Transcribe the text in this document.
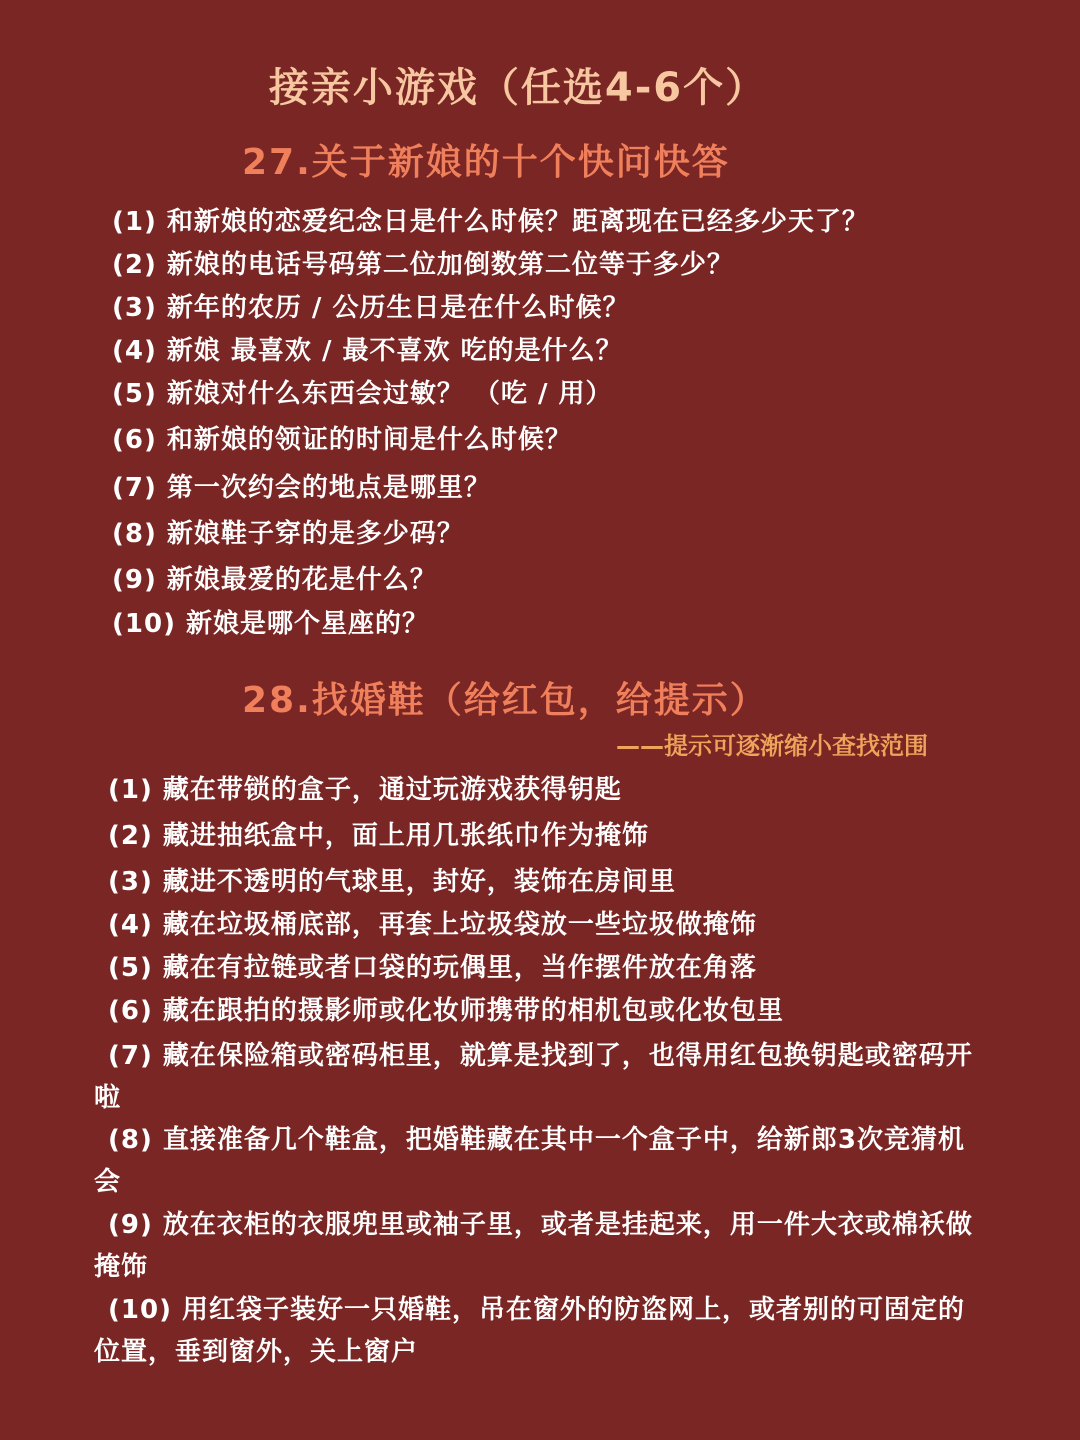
接亲小游戏（任选4-6个）
27.关于新娘的十个快问快答
(1) 和新娘的恋爱纪念日是什么时候？距离现在已经多少天了？
(2) 新娘的电话号码第二位加倒数第二位等于多少？
(3) 新年的农历 / 公历生日是在什么时候？
(4) 新娘 最喜欢 / 最不喜欢 吃的是什么？
(5) 新娘对什么东西会过敏？ （吃 / 用）
(6) 和新娘的领证的时间是什么时候？
(7) 第一次约会的地点是哪里？
(8) 新娘鞋子穿的是多少码？
(9) 新娘最爱的花是什么？
(10) 新娘是哪个星座的？
28.找婚鞋（给红包，给提示）
——提示可逐渐缩小查找范围
(1) 藏在带锁的盒子，通过玩游戏获得钥匙
(2) 藏进抽纸盒中，面上用几张纸巾作为掩饰
(3) 藏进不透明的气球里，封好，装饰在房间里
(4) 藏在垃圾桶底部，再套上垃圾袋放一些垃圾做掩饰
(5) 藏在有拉链或者口袋的玩偶里，当作摆件放在角落
(6) 藏在跟拍的摄影师或化妆师携带的相机包或化妆包里
(7) 藏在保险箱或密码柜里，就算是找到了，也得用红包换钥匙或密码开啦
(8) 直接准备几个鞋盒，把婚鞋藏在其中一个盒子中，给新郎3次竞猜机会
(9) 放在衣柜的衣服兜里或袖子里，或者是挂起来，用一件大衣或棉袄做掩饰
(10) 用红袋子装好一只婚鞋，吊在窗外的防盗网上，或者别的可固定的位置，垂到窗外，关上窗户
